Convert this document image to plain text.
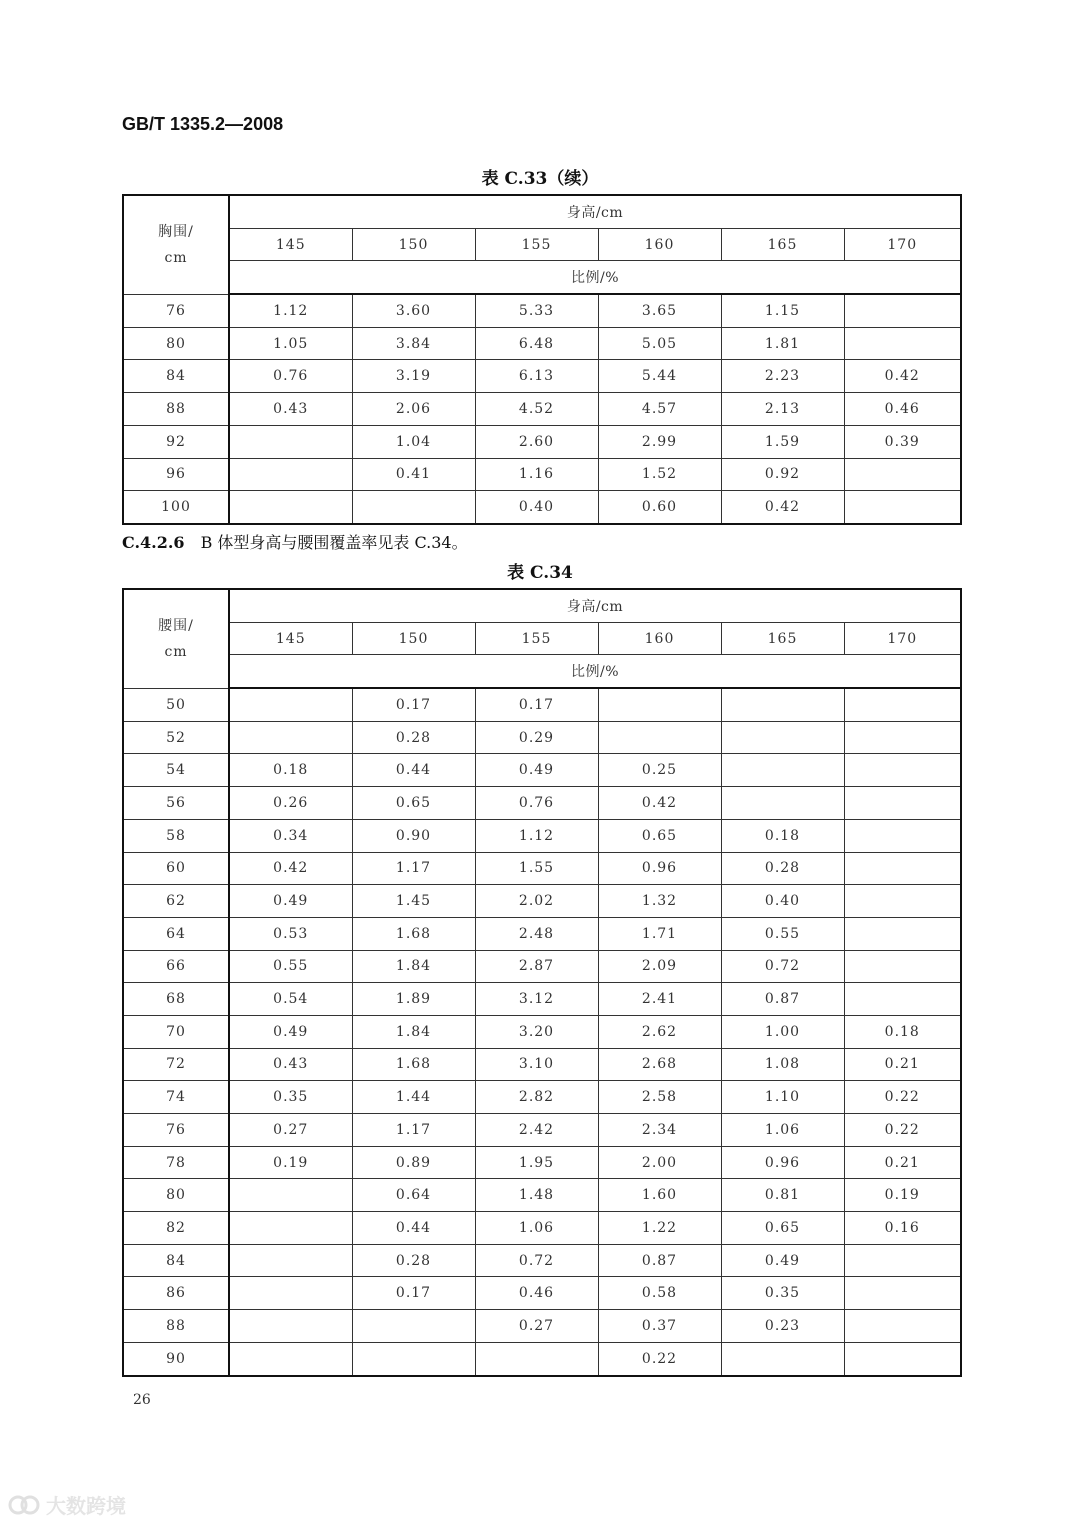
GB/T 1335.2—2008
表 C.33（续）
胸围/
cm	身高/cm					
	145	150	155	160	165	170
	比例/%					
76	1.12	3.60	5.33	3.65	1.15	
80	1.05	3.84	6.48	5.05	1.81	
84	0.76	3.19	6.13	5.44	2.23	0.42
88	0.43	2.06	4.52	4.57	2.13	0.46
92		1.04	2.60	2.99	1.59	0.39
96		0.41	1.16	1.52	0.92	
100			0.40	0.60	0.42	
C.4.2.6 B 体型身高与腰围覆盖率见表 C.34。
表 C.34
腰围/
cm	身高/cm					
	145	150	155	160	165	170
	比例/%					
50		0.17	0.17			
52		0.28	0.29			
54	0.18	0.44	0.49	0.25		
56	0.26	0.65	0.76	0.42		
58	0.34	0.90	1.12	0.65	0.18	
60	0.42	1.17	1.55	0.96	0.28	
62	0.49	1.45	2.02	1.32	0.40	
64	0.53	1.68	2.48	1.71	0.55	
66	0.55	1.84	2.87	2.09	0.72	
68	0.54	1.89	3.12	2.41	0.87	
70	0.49	1.84	3.20	2.62	1.00	0.18
72	0.43	1.68	3.10	2.68	1.08	0.21
74	0.35	1.44	2.82	2.58	1.10	0.22
76	0.27	1.17	2.42	2.34	1.06	0.22
78	0.19	0.89	1.95	2.00	0.96	0.21
80		0.64	1.48	1.60	0.81	0.19
82		0.44	1.06	1.22	0.65	0.16
84		0.28	0.72	0.87	0.49	
86		0.17	0.46	0.58	0.35	
88			0.27	0.37	0.23	
90				0.22		
26
大数跨境
